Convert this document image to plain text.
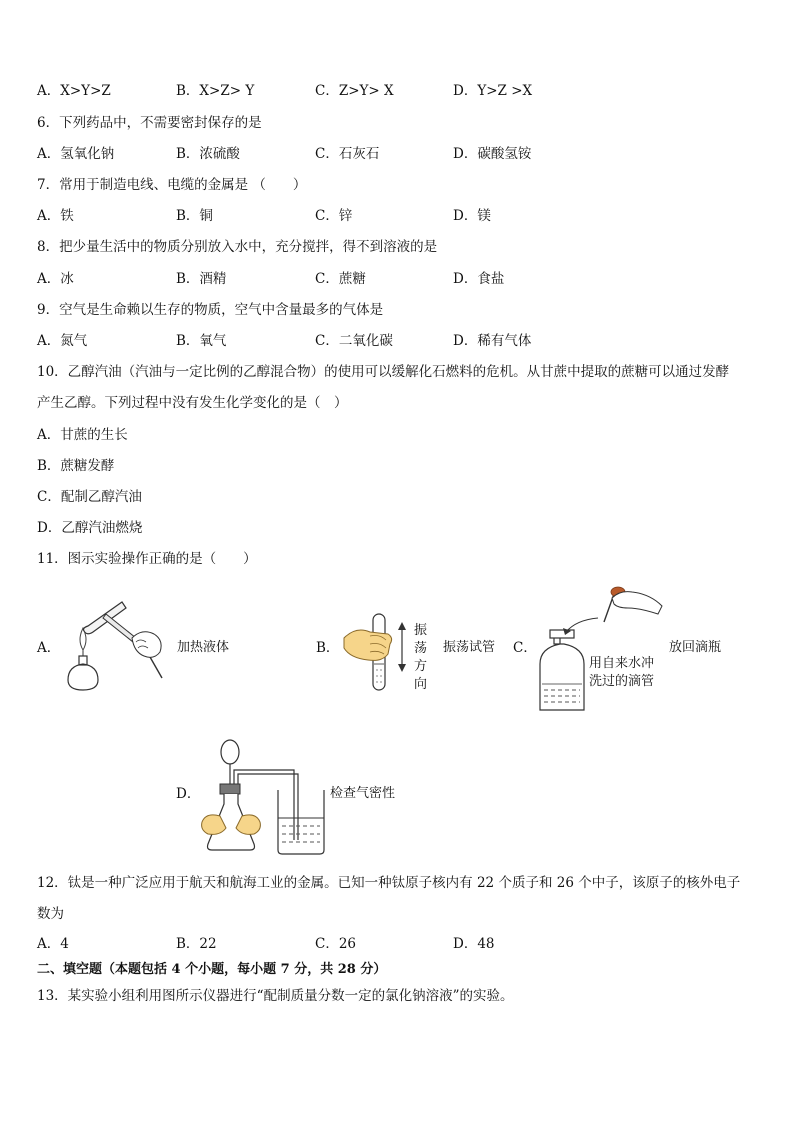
A．X>Y>Z	B．X>Z> Y	C．Z>Y> X	D．Y>Z >X
6．下列药品中，不需要密封保存的是
A．氢氧化钠	B．浓硫酸	C．石灰石	D．碳酸氢铵
7．常用于制造电线、电缆的金属是 （　　）
A．铁	B．铜	C．锌	D．镁
8．把少量生活中的物质分别放入水中，充分搅拌，得不到溶液的是
A．冰	B．酒精	C．蔗糖	D．食盐
9．空气是生命赖以生存的物质，空气中含量最多的气体是
A．氮气	B．氧气	C．二氧化碳	D．稀有气体
10．乙醇汽油（汽油与一定比例的乙醇混合物）的使用可以缓解化石燃料的危机。从甘蔗中提取的蔗糖可以通过发酵
产生乙醇。下列过程中没有发生化学变化的是（　）
A．甘蔗的生长
B．蔗糖发酵
C．配制乙醇汽油
D．乙醇汽油燃烧
11．图示实验操作正确的是（　　）
A．	加热液体	B．
振
荡
方
向
振荡试管 C．	放回滴瓶
用自来水冲
洗过的滴管
D．	检查气密性
12．钛是一种广泛应用于航天和航海工业的金属。已知一种钛原子核内有 22 个质子和 26 个中子，该原子的核外电子
数为
A．4	B．22	C．26	D．48
二、填空题（本题包括 4 个小题，每小题 7 分，共 28 分）
13．某实验小组利用图所示仪器进行“配制质量分数一定的氯化钠溶液”的实验。
